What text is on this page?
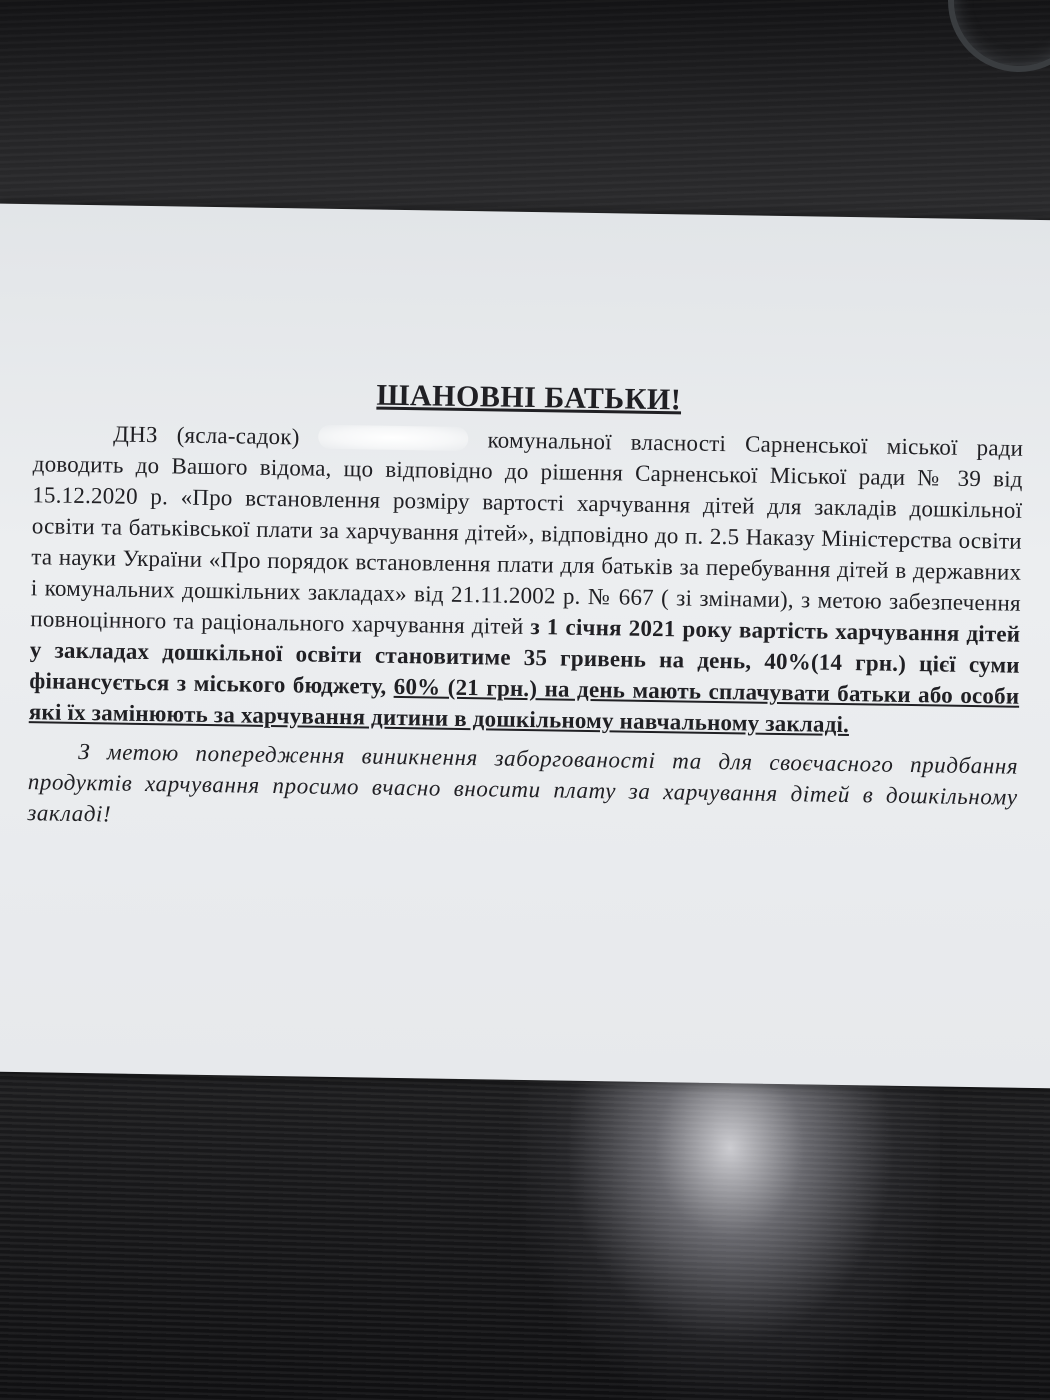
ШАНОВНІ БАТЬКИ!

ДНЗ (ясла-садок)	комунальної власності Сарненської міської ради доводить до Вашого відома, що відповідно до рішення Сарненської Міської ради № 39 від 15.12.2020 р. «Про встановлення розміру вартості харчування дітей для закладів дошкільної освіти та батьківської плати за харчування дітей», відповідно до п. 2.5 Наказу Міністерства освіти та науки України «Про порядок встановлення плати для батьків за перебування дітей в державних і комунальних дошкільних закладах» від 21.11.2002 р. № 667 ( зі змінами), з метою забезпечення повноцінного та раціонального харчування дітей з 1 січня 2021 року вартість харчування дітей у закладах дошкільної освіти становитиме 35 гривень на день, 40%(14 грн.) цієї суми фінансується з міського бюджету, 60% (21 грн.) на день мають сплачувати батьки або особи які їх замінюють за харчування дитини в дошкільному навчальному закладі.

З метою попередження виникнення заборгованості та для своєчасного придбання продуктів харчування просимо вчасно вносити плату за харчування дітей в дошкільному закладі!
